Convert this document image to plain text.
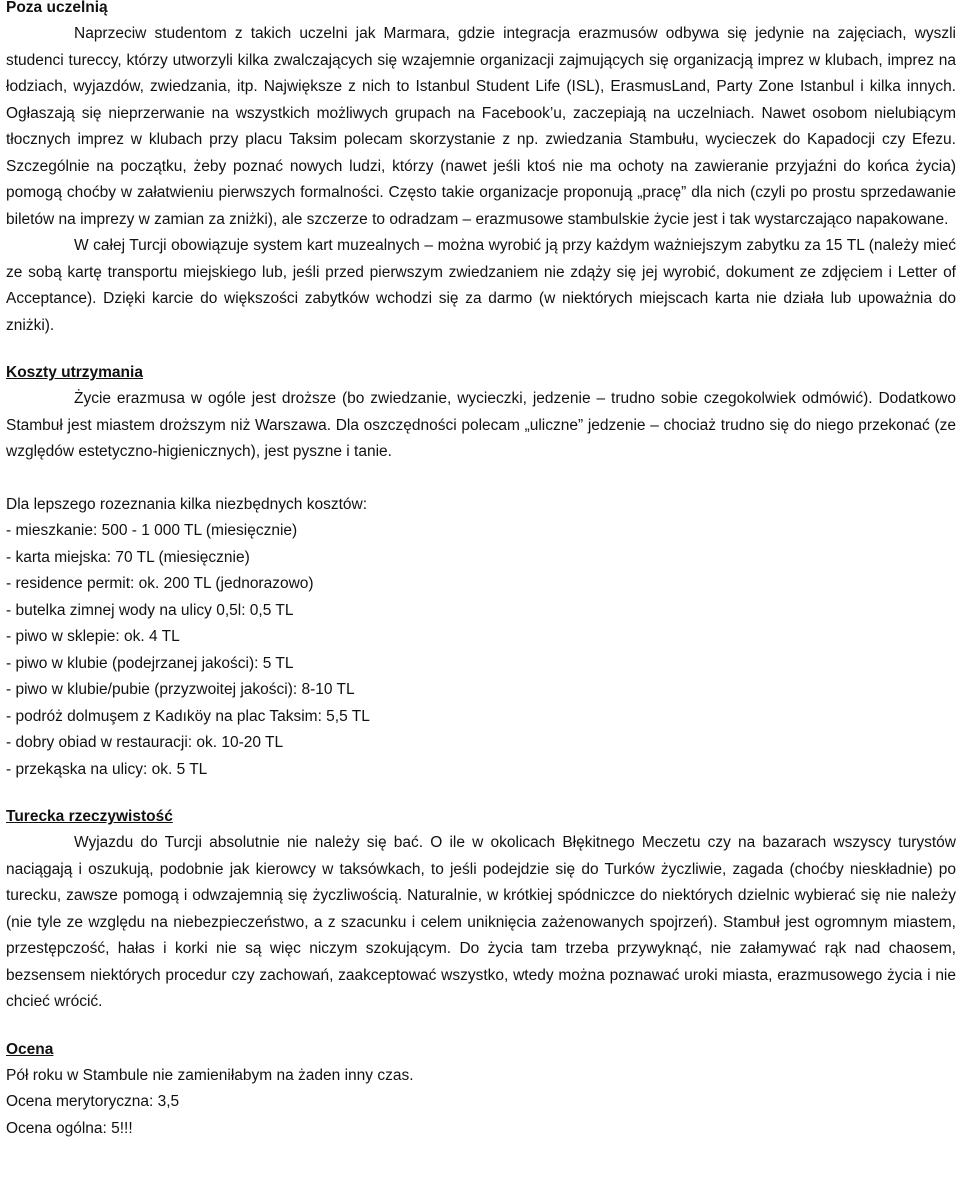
Poza uczelnią

Naprzeciw studentom z takich uczelni jak Marmara, gdzie integracja erazmusów odbywa się jedynie na zajęciach, wyszli studenci tureccy, którzy utworzyli kilka zwalczających się wzajemnie organizacji zajmujących się organizacją imprez w klubach, imprez na łodziach, wyjazdów, zwiedzania, itp. Największe z nich to Istanbul Student Life (ISL), ErasmusLand, Party Zone Istanbul i kilka innych. Ogłaszają się nieprzerwanie na wszystkich możliwych grupach na Facebook’u, zaczepiają na uczelniach. Nawet osobom nielubiącym tłocznych imprez w klubach przy placu Taksim polecam skorzystanie z np. zwiedzania Stambułu, wycieczek do Kapadocji czy Efezu. Szczególnie na początku, żeby poznać nowych ludzi, którzy (nawet jeśli ktoś nie ma ochoty na zawieranie przyjaźni do końca życia) pomogą choćby w załatwieniu pierwszych formalności. Często takie organizacje proponują „pracę” dla nich (czyli po prostu sprzedawanie biletów na imprezy w zamian za zniżki), ale szczerze to odradzam – erazmusowe stambulskie życie jest i tak wystarczająco napakowane.

W całej Turcji obowiązuje system kart muzealnych – można wyrobić ją przy każdym ważniejszym zabytku za 15 TL (należy mieć ze sobą kartę transportu miejskiego lub, jeśli przed pierwszym zwiedzaniem nie zdąży się jej wyrobić, dokument ze zdjęciem i Letter of Acceptance). Dzięki karcie do większości zabytków wchodzi się za darmo (w niektórych miejscach karta nie działa lub upoważnia do zniżki).

Koszty utrzymania

Życie erazmusa w ogóle jest droższe (bo zwiedzanie, wycieczki, jedzenie – trudno sobie czegokolwiek odmówić). Dodatkowo Stambuł jest miastem droższym niż Warszawa. Dla oszczędności polecam „uliczne” jedzenie – chociaż trudno się do niego przekonać (ze względów estetyczno-higienicznych), jest pyszne i tanie.

Dla lepszego rozeznania kilka niezbędnych kosztów:

- mieszkanie: 500 - 1 000 TL (miesięcznie)
- karta miejska: 70 TL (miesięcznie)
- residence permit: ok. 200 TL (jednorazowo)
- butelka zimnej wody na ulicy 0,5l: 0,5 TL
- piwo w sklepie: ok. 4 TL
- piwo w klubie (podejrzanej jakości): 5 TL
- piwo w klubie/pubie (przyzwoitej jakości): 8-10 TL
- podróż dolmuşem z Kadıköy na plac Taksim: 5,5 TL
- dobry obiad w restauracji: ok. 10-20 TL
- przekąska na ulicy: ok. 5 TL
Turecka rzeczywistość

Wyjazdu do Turcji absolutnie nie należy się bać. O ile w okolicach Błękitnego Meczetu czy na bazarach wszyscy turystów naciągają i oszukują, podobnie jak kierowcy w taksówkach, to jeśli podejdzie się do Turków życzliwie, zagada (choćby nieskładnie) po turecku, zawsze pomogą i odwzajemnią się życzliwością. Naturalnie, w krótkiej spódniczce do niektórych dzielnic wybierać się nie należy (nie tyle ze względu na niebezpieczeństwo, a z szacunku i celem uniknięcia zażenowanych spojrzeń). Stambuł jest ogromnym miastem, przestępczość, hałas i korki nie są więc niczym szokującym. Do życia tam trzeba przywyknąć, nie załamywać rąk nad chaosem, bezsensem niektórych procedur czy zachowań, zaakceptować wszystko, wtedy można poznawać uroki miasta, erazmusowego życia i nie chcieć wrócić.

Ocena

Pół roku w Stambule nie zamieniłabym na żaden inny czas.

Ocena merytoryczna: 3,5

Ocena ogólna: 5!!!
